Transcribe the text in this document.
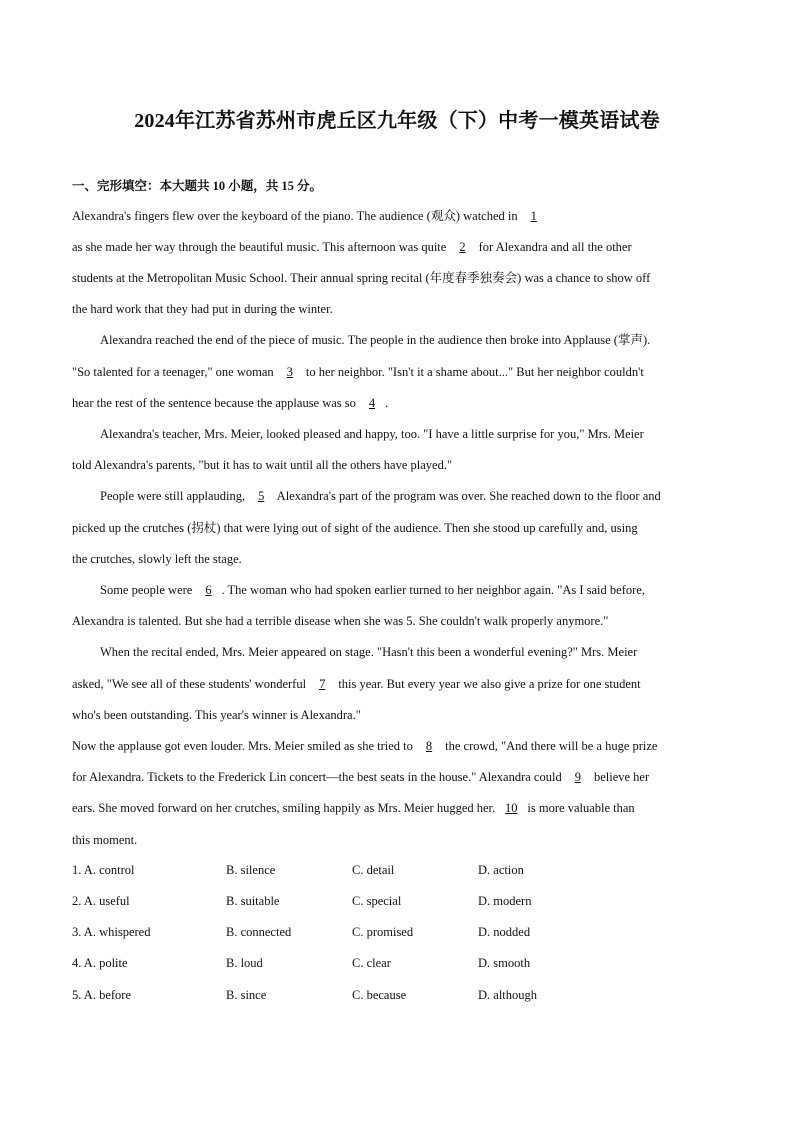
2024年江苏省苏州市虎丘区九年级（下）中考一模英语试卷
一、完形填空：本大题共 10 小题，共 15 分。
Alexandra's fingers flew over the keyboard of the piano. The audience (观众) watched in 1
as she made her way through the beautiful music. This afternoon was quite 2 for Alexandra and all the other
students at the Metropolitan Music School. Their annual spring recital (年度春季独奏会) was a chance to show off
the hard work that they had put in during the winter.
Alexandra reached the end of the piece of music. The people in the audience then broke into Applause (掌声).
"So talented for a teenager," one woman 3 to her neighbor. "Isn't it a shame about..." But her neighbor couldn't
hear the rest of the sentence because the applause was so 4 .
Alexandra's teacher, Mrs. Meier, looked pleased and happy, too. "I have a little surprise for you," Mrs. Meier
told Alexandra's parents, "but it has to wait until all the others have played."
People were still applauding, 5 Alexandra's part of the program was over. She reached down to the floor and
picked up the crutches (拐杖) that were lying out of sight of the audience. Then she stood up carefully and, using
the crutches, slowly left the stage.
Some people were 6 . The woman who had spoken earlier turned to her neighbor again. "As I said before,
Alexandra is talented. But she had a terrible disease when she was 5. She couldn't walk properly anymore."
When the recital ended, Mrs. Meier appeared on stage. "Hasn't this been a wonderful evening?" Mrs. Meier
asked, "We see all of these students' wonderful 7 this year. But every year we also give a prize for one student
who's been outstanding. This year's winner is Alexandra."
Now the applause got even louder. Mrs. Meier smiled as she tried to 8 the crowd, "And there will be a huge prize
for Alexandra. Tickets to the Frederick Lin concert—the best seats in the house." Alexandra could 9 believe her
ears. She moved forward on her crutches, smiling happily as Mrs. Meier hugged her. 10 is more valuable than
this moment.
1. A. control	B. silence	C. detail	D. action
2. A. useful	B. suitable	C. special	D. modern
3. A. whispered	B. connected	C. promised	D. nodded
4. A. polite	B. loud	C. clear	D. smooth
5. A. before	B. since	C. because	D. although
